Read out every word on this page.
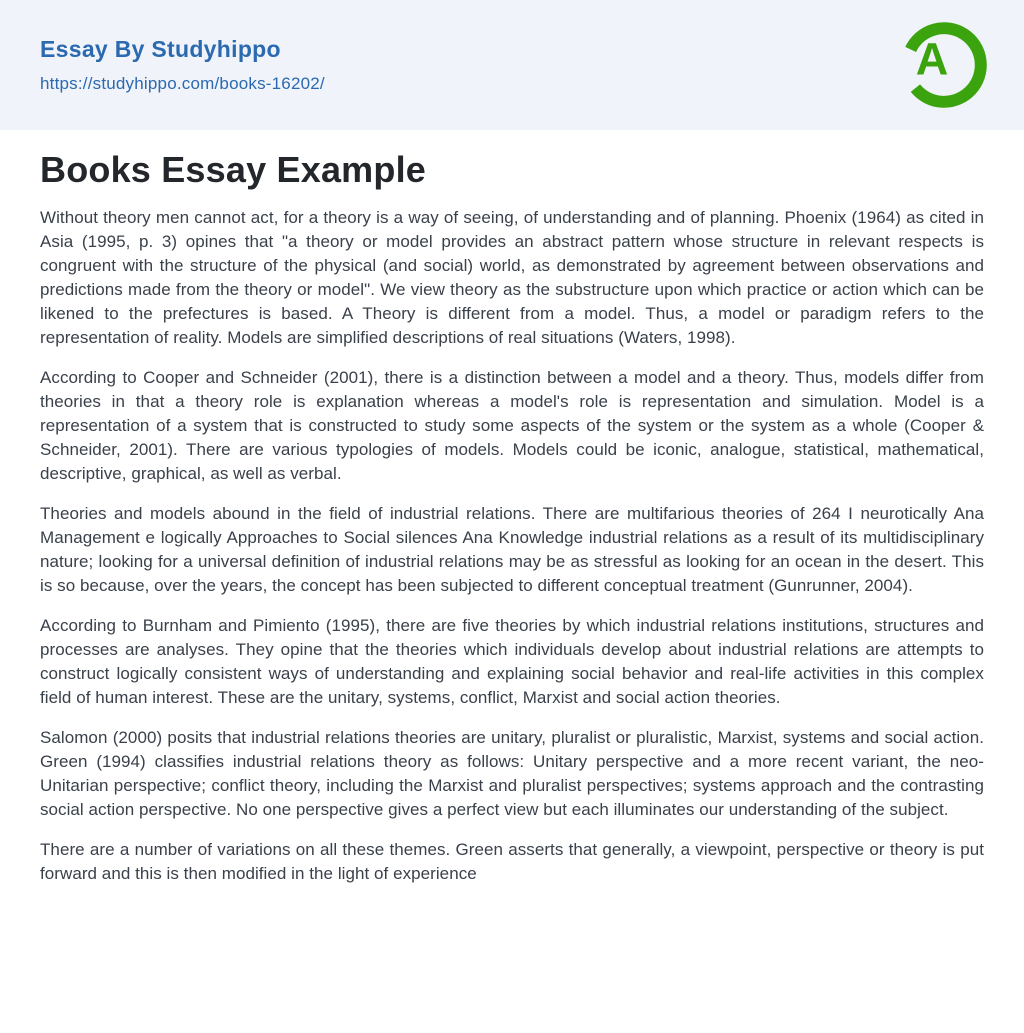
Essay By Studyhippo
https://studyhippo.com/books-16202/	A
Books Essay Example

Without theory men cannot act, for a theory is a way of seeing, of understanding and of planning. Phoenix (1964) as cited in Asia (1995, p. 3) opines that "a theory or model provides an abstract pattern whose structure in relevant respects is congruent with the structure of the physical (and social) world, as demonstrated by agreement between observations and predictions made from the theory or model". We view theory as the substructure upon which practice or action which can be likened to the prefectures is based. A Theory is different from a model. Thus, a model or paradigm refers to the representation of reality. Models are simplified descriptions of real situations (Waters, 1998).

According to Cooper and Schneider (2001), there is a distinction between a model and a theory. Thus, models differ from theories in that a theory role is explanation whereas a model's role is representation and simulation. Model is a representation of a system that is constructed to study some aspects of the system or the system as a whole (Cooper & Schneider, 2001). There are various typologies of models. Models could be iconic, analogue, statistical, mathematical, descriptive, graphical, as well as verbal.

Theories and models abound in the field of industrial relations. There are multifarious theories of 264 I neurotically Ana Management e logically Approaches to Social silences Ana Knowledge industrial relations as a result of its multidisciplinary nature; looking for a universal definition of industrial relations may be as stressful as looking for an ocean in the desert. This is so because, over the years, the concept has been subjected to different conceptual treatment (Gunrunner, 2004).

According to Burnham and Pimiento (1995), there are five theories by which industrial relations institutions, structures and processes are analyses. They opine that the theories which individuals develop about industrial relations are attempts to construct logically consistent ways of understanding and explaining social behavior and real-life activities in this complex field of human interest. These are the unitary, systems, conflict, Marxist and social action theories.

Salomon (2000) posits that industrial relations theories are unitary, pluralist or pluralistic, Marxist, systems and social action. Green (1994) classifies industrial relations theory as follows: Unitary perspective and a more recent variant, the neo-Unitarian perspective; conflict theory, including the Marxist and pluralist perspectives; systems approach and the contrasting social action perspective. No one perspective gives a perfect view but each illuminates our understanding of the subject.

There are a number of variations on all these themes. Green asserts that generally, a viewpoint, perspective or theory is put forward and this is then modified in the light of experience
